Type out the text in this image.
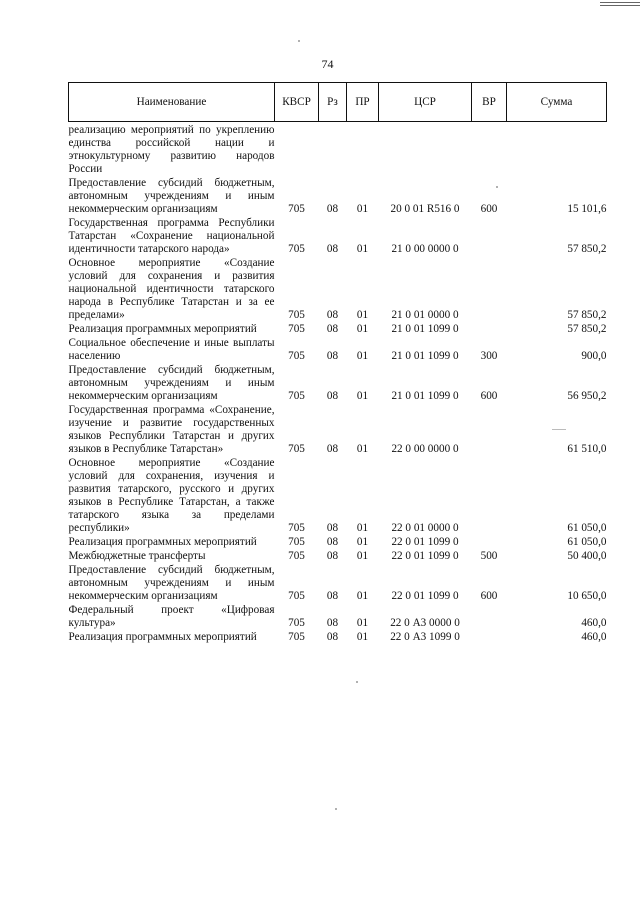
74
Наименование	КВСР	Рз	ПР	ЦСР	ВР	Сумма
реализацию мероприятий по укреплению единства российской нации и этнокультурному развитию народов России						
Предоставление субсидий бюджетным, автономным учреждениям и иным некоммерческим организациям	705	08	01	20 0 01 R516 0	600	15 101,6
Государственная программа Республики Татарстан «Сохранение национальной идентичности татарского народа»	705	08	01	21 0 00 0000 0		57 850,2
Основное мероприятие «Создание условий для сохранения и развития национальной идентичности татарского народа в Республике Татарстан и за ее пределами»	705	08	01	21 0 01 0000 0		57 850,2
Реализация программных мероприятий	705	08	01	21 0 01 1099 0		57 850,2
Социальное обеспечение и иные выплаты населению	705	08	01	21 0 01 1099 0	300	900,0
Предоставление субсидий бюджетным, автономным учреждениям и иным некоммерческим организациям	705	08	01	21 0 01 1099 0	600	56 950,2
Государственная программа «Сохранение, изучение и развитие государственных языков Республики Татарстан и других языков в Республике Татарстан»	705	08	01	22 0 00 0000 0		61 510,0
Основное мероприятие «Создание условий для сохранения, изучения и развития татарского, русского и других языков в Республике Татарстан, а также татарского языка за пределами республики»	705	08	01	22 0 01 0000 0		61 050,0
Реализация программных мероприятий	705	08	01	22 0 01 1099 0		61 050,0
Межбюджетные трансферты	705	08	01	22 0 01 1099 0	500	50 400,0
Предоставление субсидий бюджетным, автономным учреждениям и иным некоммерческим организациям	705	08	01	22 0 01 1099 0	600	10 650,0
Федеральный проект «Цифровая культура»	705	08	01	22 0 А3 0000 0		460,0
Реализация программных мероприятий	705	08	01	22 0 А3 1099 0		460,0
